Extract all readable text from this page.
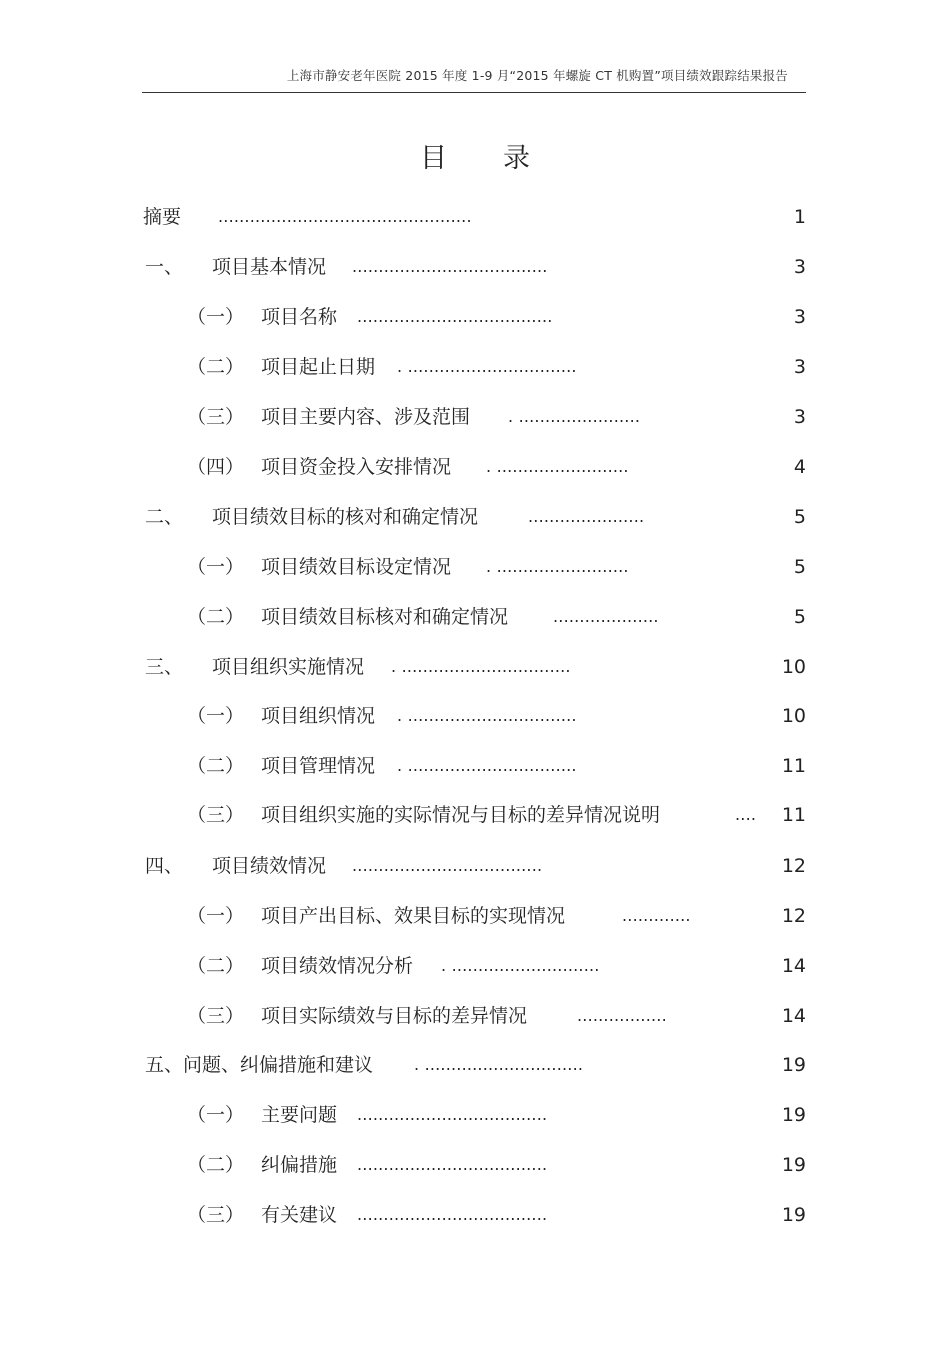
上海市静安老年医院 2015 年度 1-9 月“2015 年螺旋 CT 机购置”项目绩效跟踪结果报告
目录
摘要 ................................................	1
一、 项目基本情况 .....................................	3
（一） 项目名称 .....................................	3
（二） 项目起止日期 . ................................	3
（三） 项目主要内容、涉及范围 . .......................	3
（四） 项目资金投入安排情况 . .........................	4
二、 项目绩效目标的核对和确定情况	......................	5
（一） 项目绩效目标设定情况 . .........................	5
（二） 项目绩效目标核对和确定情况	....................	5
三、 项目组织实施情况 . ................................	10
（一） 项目组织情况 . ................................	10
（二） 项目管理情况 . ................................	11
（三） 项目组织实施的实际情况与目标的差异情况说明	.... 11
四、 项目绩效情况 ....................................	12
（一） 项目产出目标、效果目标的实现情况	.............	12
（二） 项目绩效情况分析 . ............................	14
（三） 项目实际绩效与目标的差异情况	.................	14
五、问题、纠偏措施和建议	. ..............................	19
（一） 主要问题 ....................................	19
（二） 纠偏措施 ....................................	19
（三） 有关建议 ....................................	19
